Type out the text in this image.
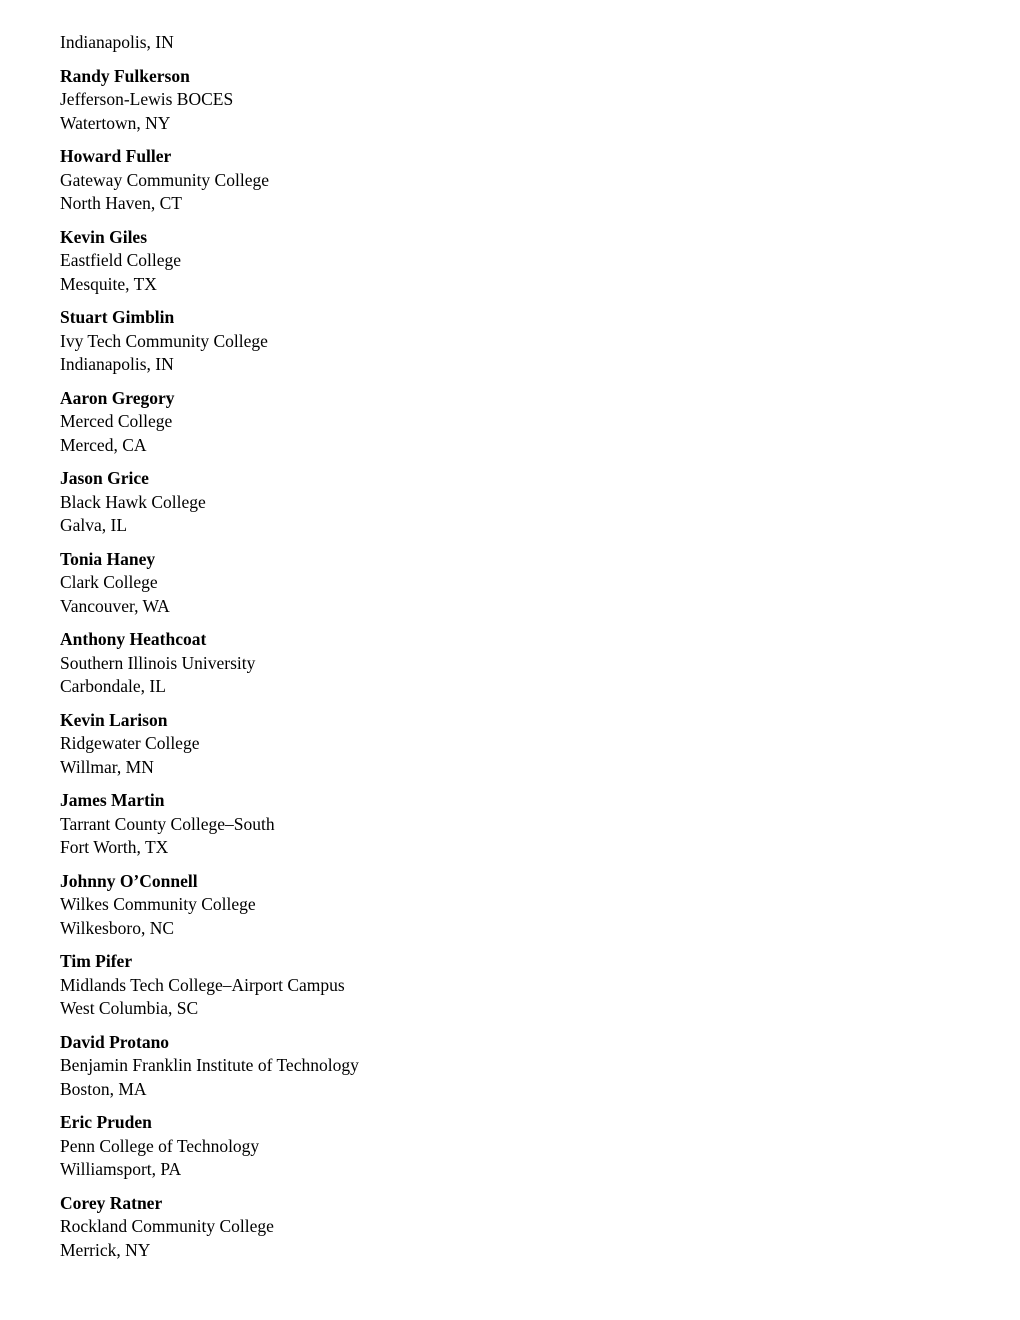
Indianapolis, IN
Randy Fulkerson
Jefferson-Lewis BOCES
Watertown, NY
Howard Fuller
Gateway Community College
North Haven, CT
Kevin Giles
Eastfield College
Mesquite, TX
Stuart Gimblin
Ivy Tech Community College
Indianapolis, IN
Aaron Gregory
Merced College
Merced, CA
Jason Grice
Black Hawk College
Galva, IL
Tonia Haney
Clark College
Vancouver, WA
Anthony Heathcoat
Southern Illinois University
Carbondale, IL
Kevin Larison
Ridgewater College
Willmar, MN
James Martin
Tarrant County College–South
Fort Worth, TX
Johnny O’Connell
Wilkes Community College
Wilkesboro, NC
Tim Pifer
Midlands Tech College–Airport Campus
West Columbia, SC
David Protano
Benjamin Franklin Institute of Technology
Boston, MA
Eric Pruden
Penn College of Technology
Williamsport, PA
Corey Ratner
Rockland Community College
Merrick, NY
